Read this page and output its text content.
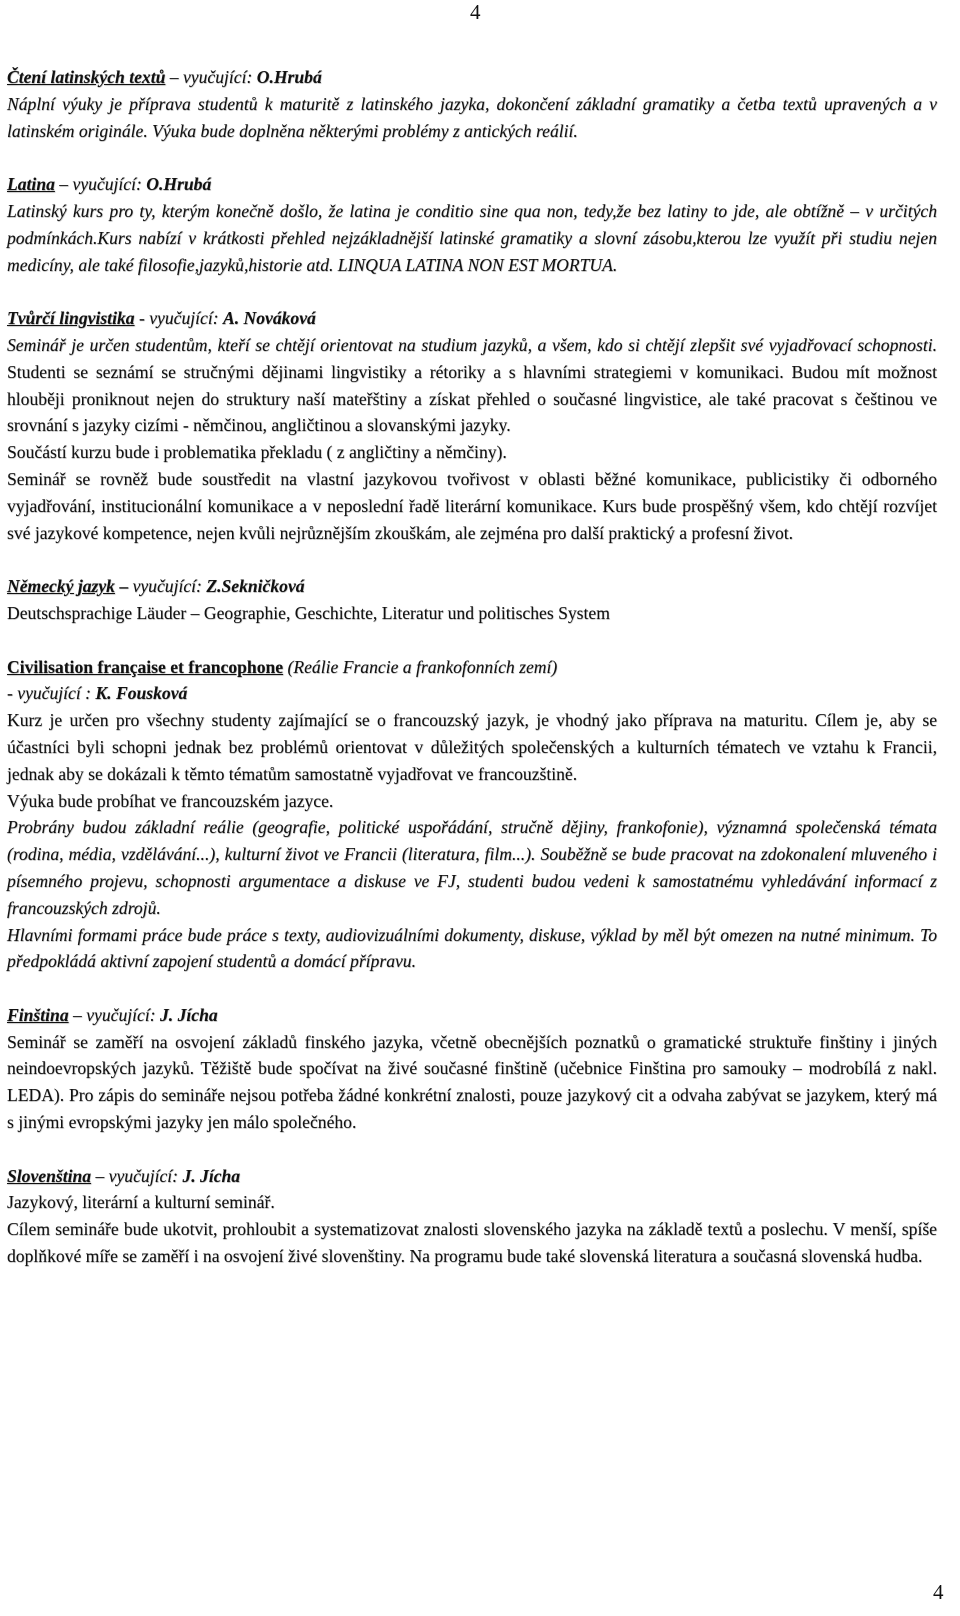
4
Čtení latinských textů – vyučující: O.Hrubá
Náplní výuky je příprava studentů k maturitě z latinského jazyka, dokončení základní gramatiky a četba textů upravených a v latinském originále. Výuka bude doplněna některými problémy z antických reálií.
Latina – vyučující: O.Hrubá
Latinský kurs pro ty, kterým konečně došlo, že latina je conditio sine qua non, tedy,že bez latiny to jde, ale obtížně – v určitých podmínkách.Kurs nabízí v krátkosti přehled nejzákladnější latinské gramatiky a slovní zásobu,kterou lze využít při studiu nejen medicíny, ale také filosofie,jazyků,historie atd. LINQUA LATINA NON EST MORTUA.
Tvůrčí lingvistika - vyučující: A. Nováková
Seminář je určen studentům, kteří se chtějí orientovat na studium jazyků, a všem, kdo si chtějí zlepšit své vyjadřovací schopnosti. Studenti se seznámí se stručnými dějinami lingvistiky a rétoriky a s hlavními strategiemi v komunikaci. Budou mít možnost hlouběji proniknout nejen do struktury naší mateřštiny a získat přehled o současné lingvistice, ale také pracovat s češtinou ve srovnání s jazyky cizími - němčinou, angličtinou a slovanskými jazyky.
Součástí kurzu bude i problematika překladu ( z angličtiny a němčiny).
Seminář se rovněž bude soustředit na vlastní jazykovou tvořivost v oblasti běžné komunikace, publicistiky či odborného vyjadřování, institucionální komunikace a v neposlední řadě literární komunikace. Kurs bude prospěšný všem, kdo chtějí rozvíjet své jazykové kompetence, nejen kvůli nejrůznějším zkouškám, ale zejména pro další praktický a profesní život.
Německý jazyk – vyučující: Z.Sekničková
Deutschsprachige Läuder – Geographie, Geschichte, Literatur und politisches System
Civilisation française et francophone (Reálie Francie a frankofonních zemí)
- vyučující : K. Fousková
Kurz je určen pro všechny studenty zajímající se o francouzský jazyk, je vhodný jako příprava na maturitu. Cílem je, aby se účastníci byli schopni jednak bez problémů orientovat v důležitých společenských a kulturních tématech ve vztahu k Francii, jednak aby se dokázali k těmto tématům samostatně vyjadřovat ve francouzštině.
Výuka bude probíhat ve francouzském jazyce.
Probrány budou základní reálie (geografie, politické uspořádání, stručně dějiny, frankofonie), významná společenská témata (rodina, média, vzdělávání...), kulturní život ve Francii (literatura, film...). Souběžně se bude pracovat na zdokonalení mluveného i písemného projevu, schopnosti argumentace a diskuse ve FJ, studenti budou vedeni k samostatnému vyhledávání informací z francouzských zdrojů.
Hlavními formami práce bude práce s texty, audiovizuálními dokumenty, diskuse, výklad by měl být omezen na nutné minimum. To předpokládá aktivní zapojení studentů a domácí přípravu.
Finština – vyučující: J. Jícha
Seminář se zaměří na osvojení základů finského jazyka, včetně obecnějších poznatků o gramatické struktuře finštiny i jiných neindoevropských jazyků. Těžiště bude spočívat na živé současné finštině (učebnice Finština pro samouky – modrobílá z nakl. LEDA). Pro zápis do semináře nejsou potřeba žádné konkrétní znalosti, pouze jazykový cit a odvaha zabývat se jazykem, který má s jinými evropskými jazyky jen málo společného.
Slovenština – vyučující: J. Jícha
Jazykový, literární a kulturní seminář.
Cílem semináře bude ukotvit, prohloubit a systematizovat znalosti slovenského jazyka na základě textů a poslechu. V menší, spíše doplňkové míře se zaměří i na osvojení živé slovenštiny. Na programu bude také slovenská literatura a současná slovenská hudba.
4
